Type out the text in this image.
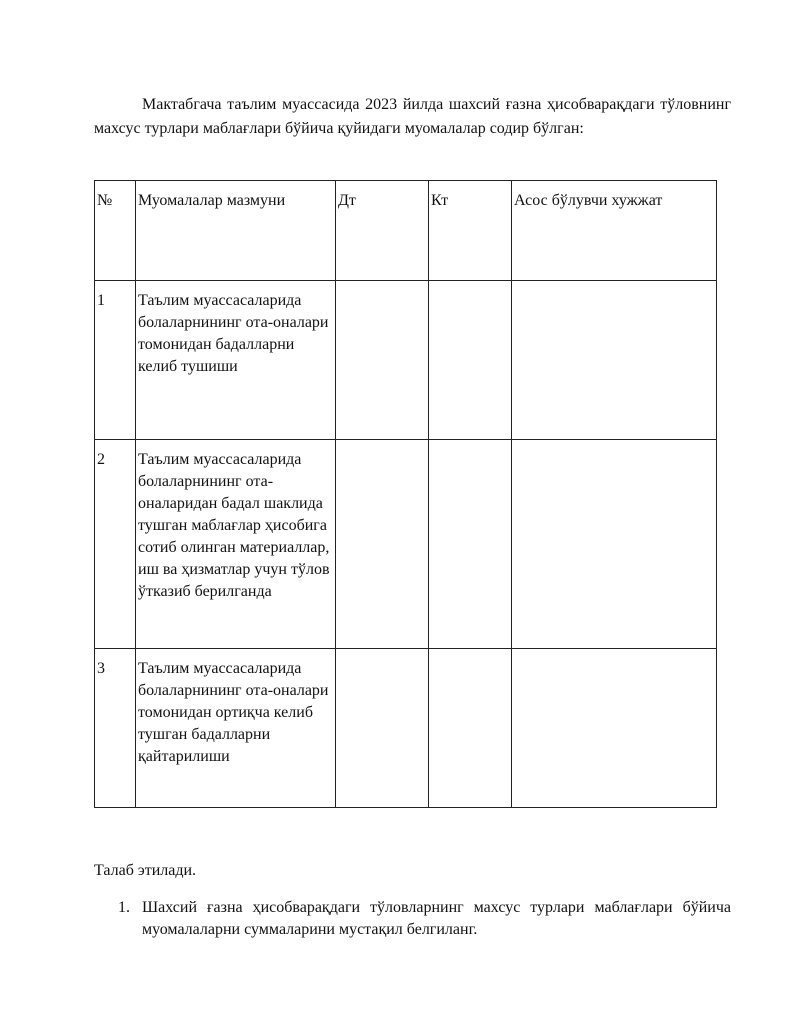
Мактабгача таълим муассасида 2023 йилда шахсий ғазна ҳисобварақдаги тўловнинг махсус турлари маблағлари бўйича қуйидаги муомалалар содир бўлган:

№	Муомалалар мазмуни	Дт	Кт	Асос бўлувчи хужжат
1	Таълим муассасаларида болаларнининг ота-оналари томонидан бадалларни келиб тушиши			
2	Таълим муассасаларида болаларнининг ота-оналаридан бадал шаклида тушган маблағлар ҳисобига сотиб олинган материаллар, иш ва ҳизматлар учун тўлов ўтказиб берилганда			
3	Таълим муассасаларида болаларнининг ота-оналари томонидан ортиқча келиб тушган бадалларни қайтарилиши			

Талаб этилади.

1. Шахсий ғазна ҳисобварақдаги тўловларнинг махсус турлари маблағлари бўйича муомалаларни суммаларини мустақил белгиланг.
